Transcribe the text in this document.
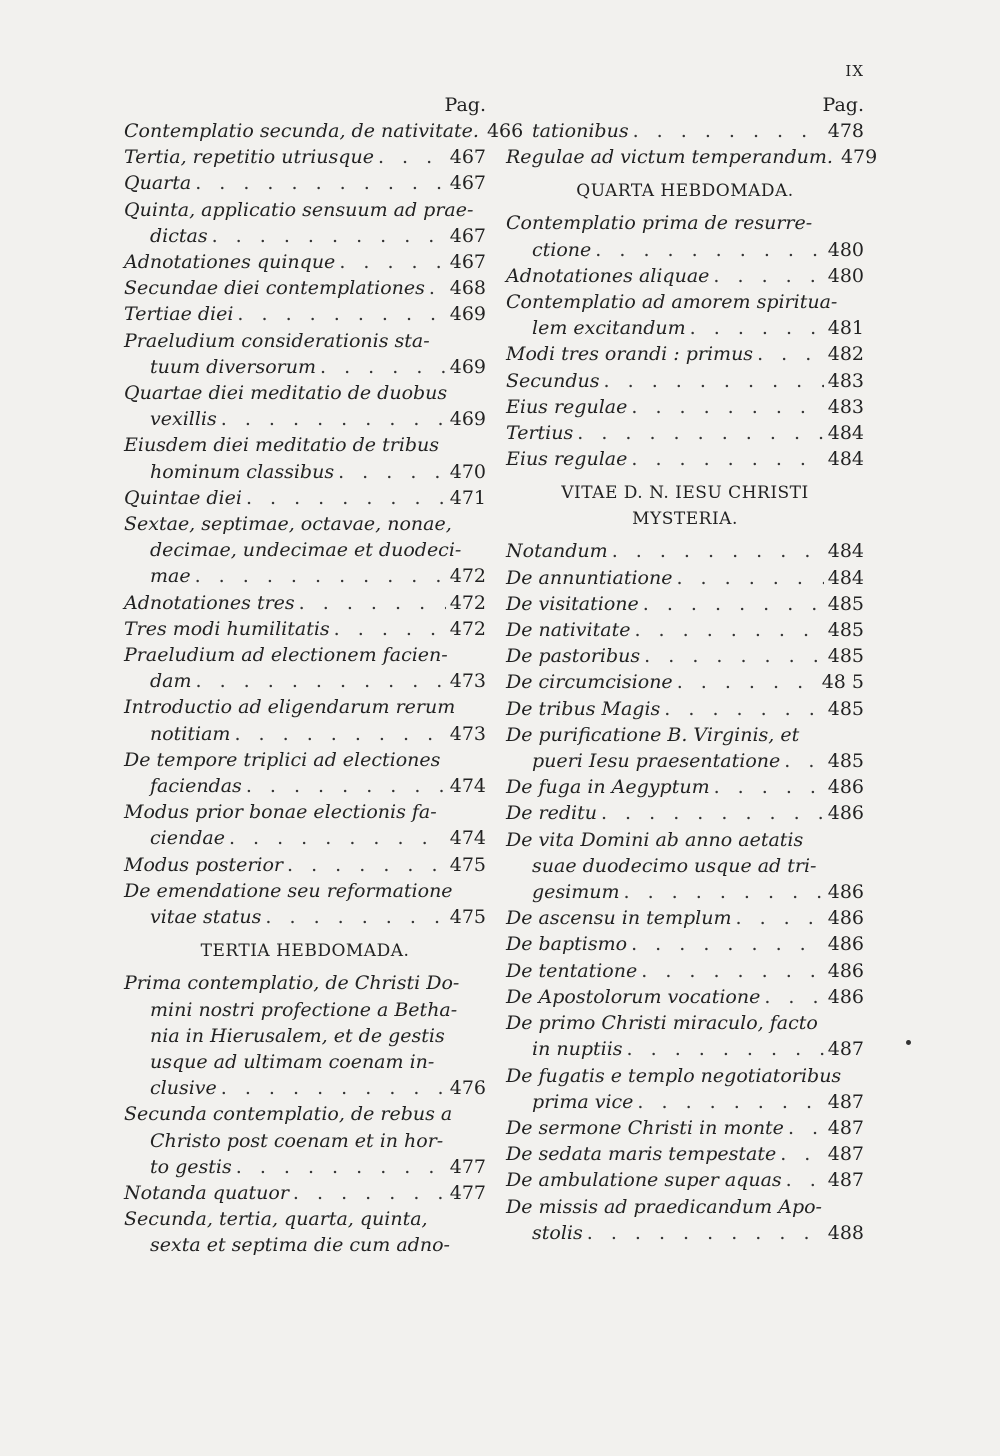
IX
Pag.
Contemplatio secunda, de nativitate. 466
Tertia, repetitio utriusque . . .	467
Quarta . . .	467
Quinta, applicatio sensuum ad prae-
dictas . . .	467
Adnotationes quinque . . .	467
Secundae diei contemplationes . . . 468
Tertiae diei . . .	469
Praeludium considerationis sta-
tuum diversorum . . .	469
Quartae diei meditatio de duobus
vexillis . . .	469
Eiusdem diei meditatio de tribus
hominum classibus . . .	470
Quintae diei . . .	471
Sextae, septimae, octavae, nonae,
decimae, undecimae et duodeci-
mae . . .	472
Adnotationes tres . . .	472
Tres modi humilitatis . . .	472
Praeludium ad electionem facien-
dam . . .	473
Introductio ad eligendarum rerum
notitiam . . .	473
De tempore triplici ad electiones
faciendas . . .	474
Modus prior bonae electionis fa-
ciendae . . .	474
Modus posterior . . .	475
De emendatione seu reformatione
vitae status . . .	475
TERTIA HEBDOMADA.
Prima contemplatio, de Christi Do-
mini nostri profectione a Betha-
nia in Hierusalem, et de gestis
usque ad ultimam coenam in-
clusive . . .	476
Secunda contemplatio, de rebus a
Christo post coenam et in hor-
to gestis . . .	477
Notanda quatuor . . .	477
Secunda, tertia, quarta, quinta,
sexta et septima die cum adno-
Pag.
tationibus . . .	478
Regulae ad victum temperandum. 479
QUARTA HEBDOMADA.
Contemplatio prima de resurre-
ctione . . .	480
Adnotationes aliquae . . .	480
Contemplatio ad amorem spiritua-
lem excitandum . . .	481
Modi tres orandi : primus . . .	482
Secundus . . .	483
Eius regulae . . .	483
Tertius . . .	484
Eius regulae . . .	484
VITAE D. N. IESU CHRISTI MYSTERIA.
Notandum . . .	484
De annuntiatione . . .	484
De visitatione . . .	485
De nativitate . . .	485
De pastoribus . . .	485
De circumcisione . . .	48 5
De tribus Magis . . .	485
De purificatione B. Virginis, et
pueri Iesu praesentatione . . . 485
De fuga in Aegyptum . . .	486
De reditu . . .	486
De vita Domini ab anno aetatis
suae duodecimo usque ad tri-
gesimum . . .	486
De ascensu in templum . . .	486
De baptismo . . .	486
De tentatione . . .	486
De Apostolorum vocatione . . .	486
De primo Christi miraculo, facto
in nuptiis . . .	487
De fugatis e templo negotiatoribus
prima vice . . .	487
De sermone Christi in monte . . . 487
De sedata maris tempestate . . .	487
De ambulatione super aquas . . . 487
De missis ad praedicandum Apo-
stolis . . .	488
